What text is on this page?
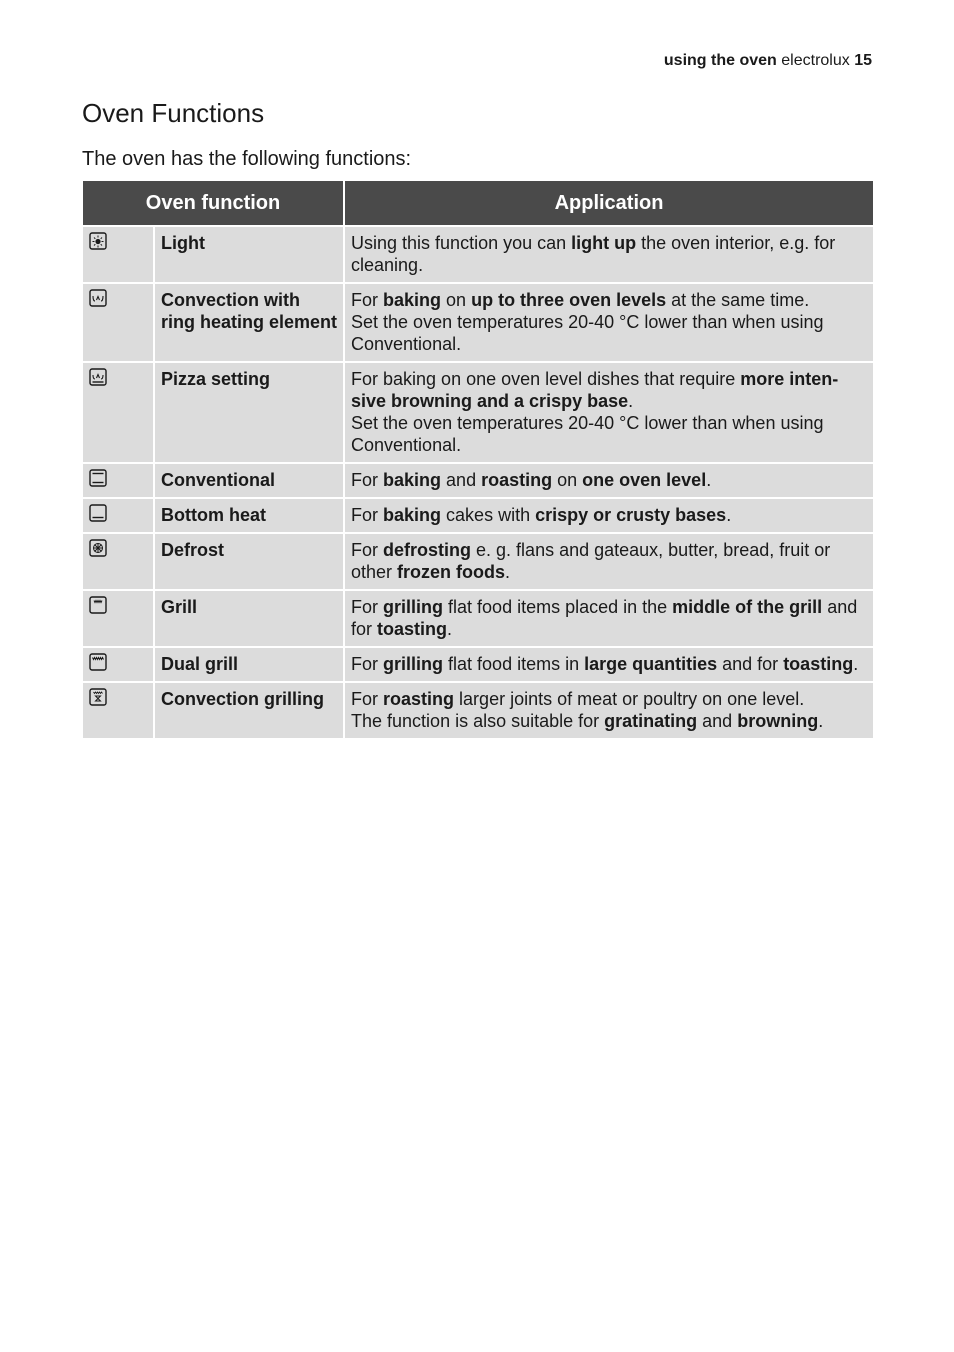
using the oven electrolux 15
Oven Functions

The oven has the following functions:

Oven function		Application

	Light	Using this function you can light up the oven interior, e.g. for cleaning.

	Convection with ring heating element	For baking on up to three oven levels at the same time.
Set the oven temperatures 20-40 °C lower than when using Conventional.

	Pizza setting	For baking on one oven level dishes that require more intensive browning and a crispy base.
Set the oven temperatures 20-40 °C lower than when using Conventional.

	Conventional	For baking and roasting on one oven level.

	Bottom heat	For baking cakes with crispy or crusty bases.

	Defrost	For defrosting e. g. flans and gateaux, butter, bread, fruit or other frozen foods.

	Grill	For grilling flat food items placed in the middle of the grill and for toasting.

	Dual grill	For grilling flat food items in large quantities and for toasting.

	Convection grilling	For roasting larger joints of meat or poultry on one level.
The function is also suitable for gratinating and browning.
